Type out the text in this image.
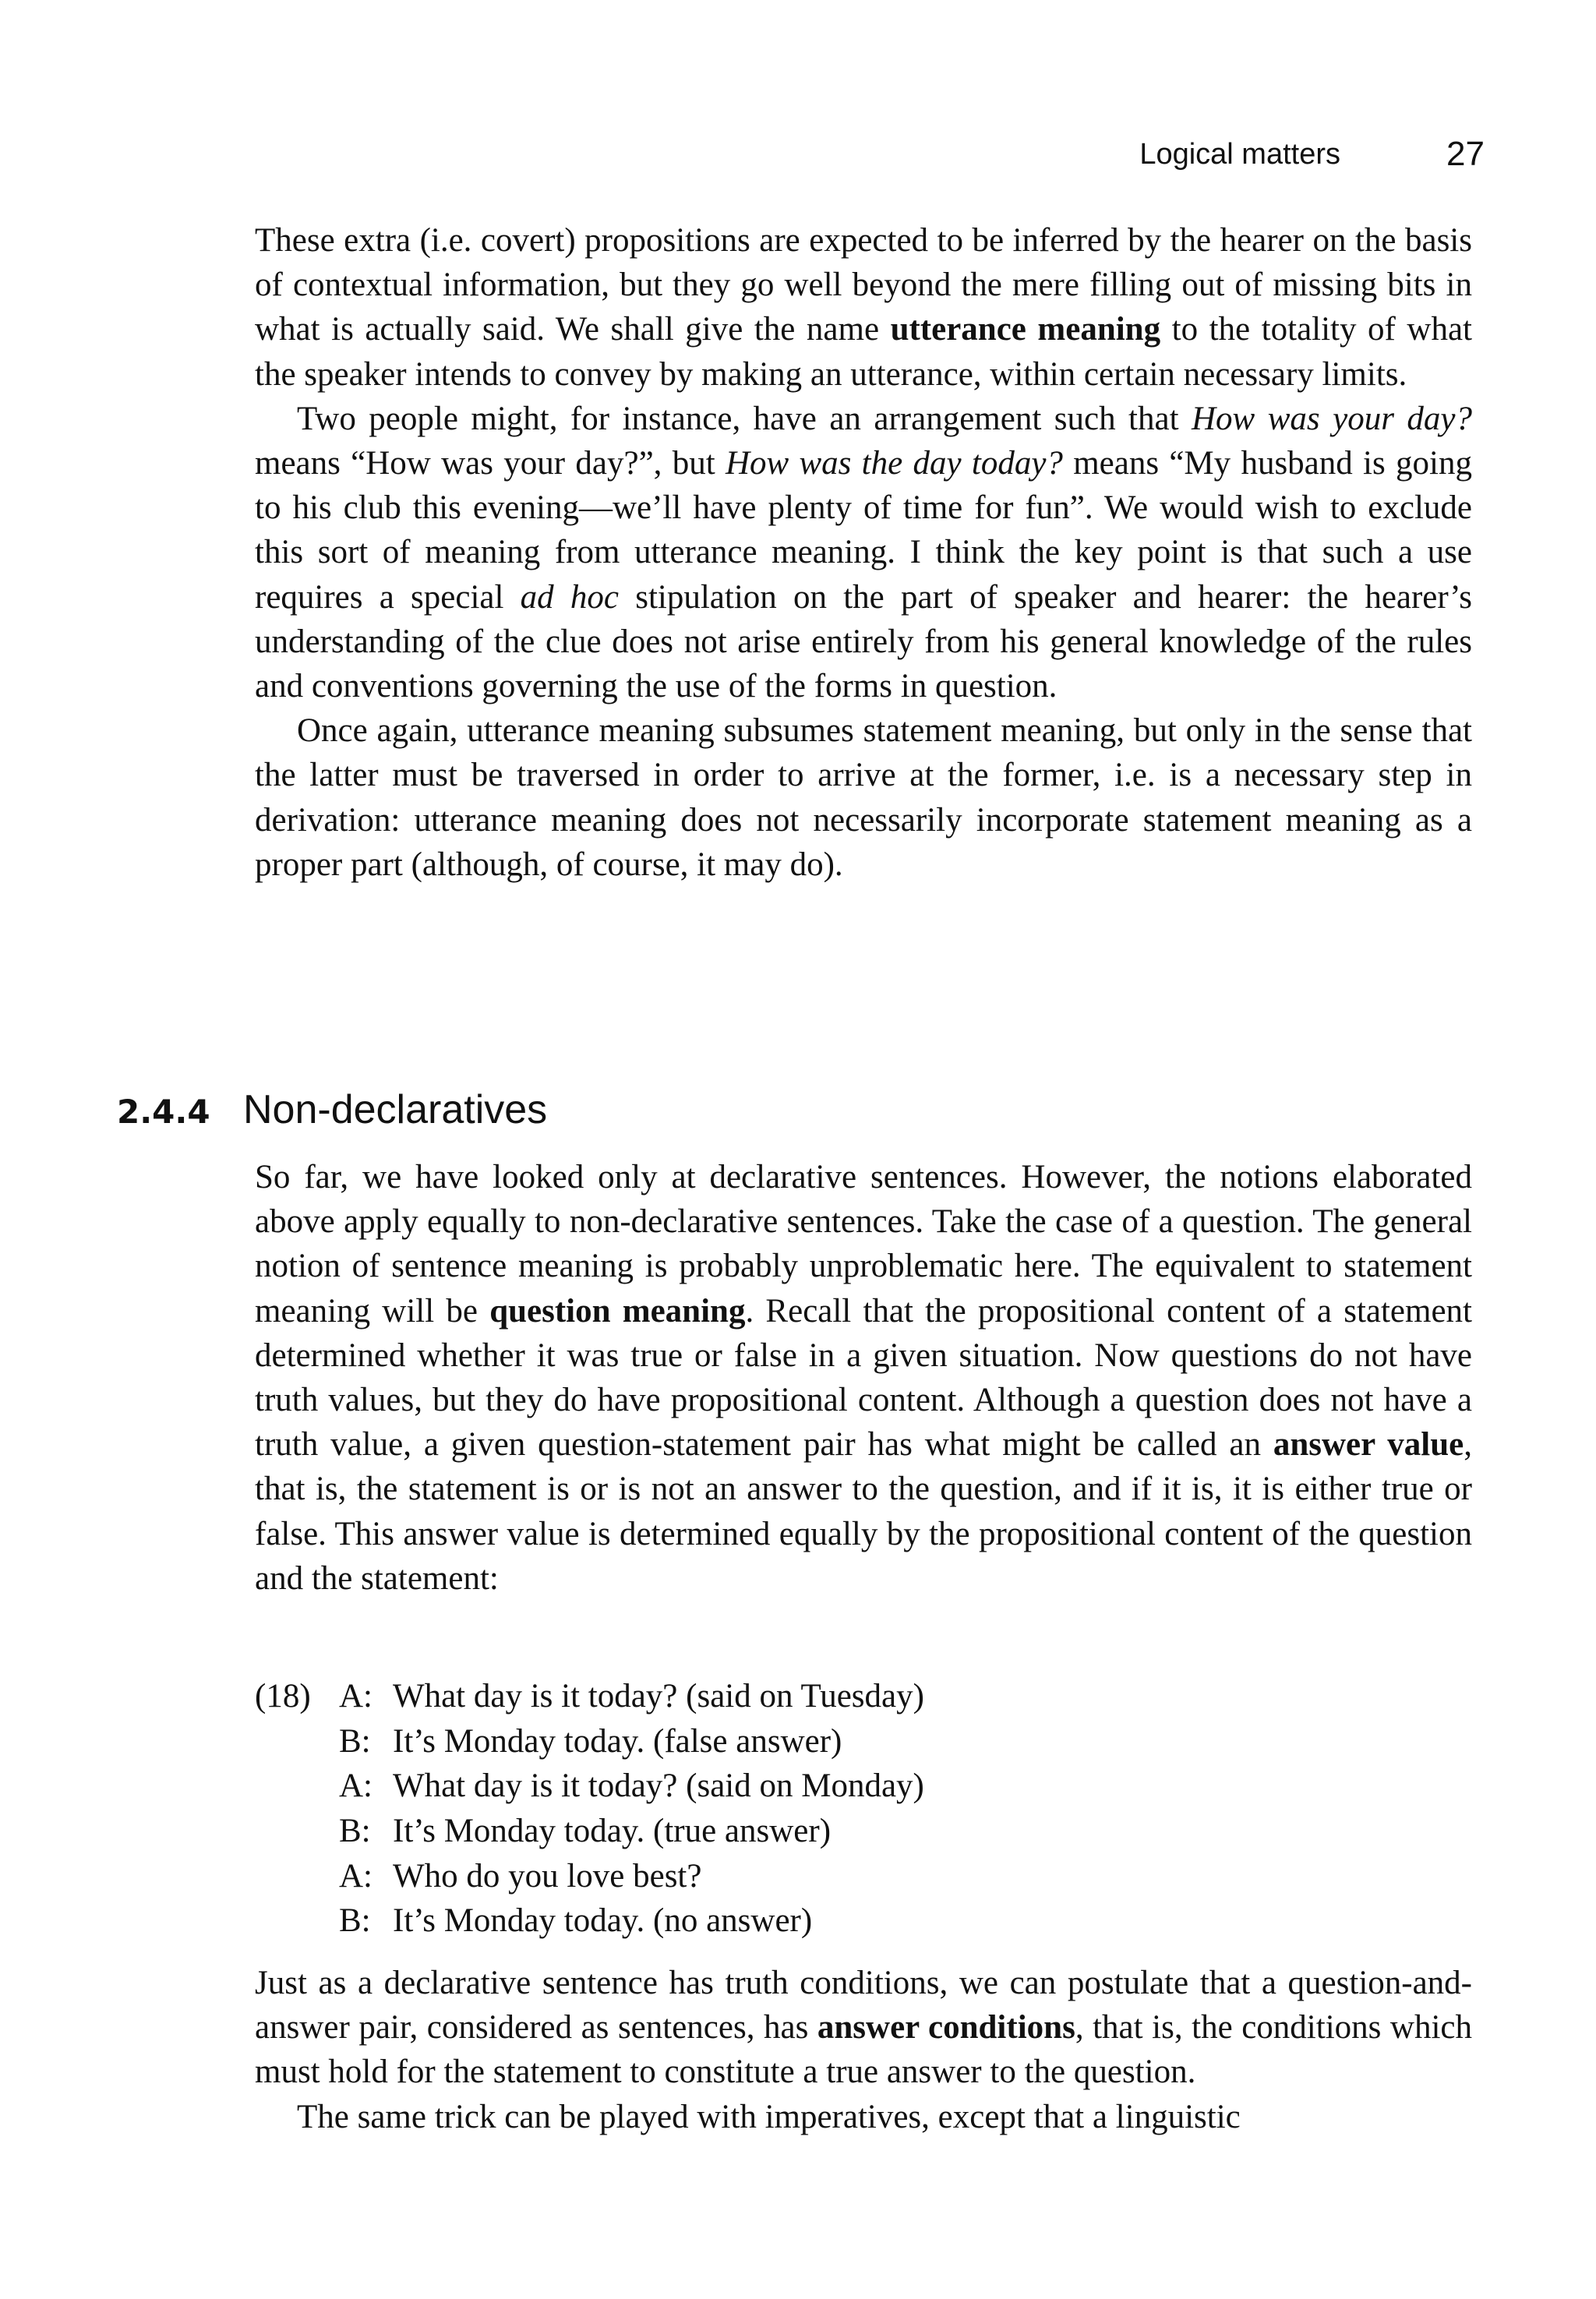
Logical matters	27

These extra (i.e. covert) propositions are expected to be inferred by the hearer on the basis of contextual information, but they go well beyond the mere filling out of missing bits in what is actually said. We shall give the name utterance meaning to the totality of what the speaker intends to convey by making an utterance, within certain necessary limits.

Two people might, for instance, have an arrangement such that How was your day? means “How was your day?”, but How was the day today? means “My husband is going to his club this evening—we’ll have plenty of time for fun”. We would wish to exclude this sort of meaning from utterance meaning. I think the key point is that such a use requires a special ad hoc stipulation on the part of speaker and hearer: the hearer’s understanding of the clue does not arise entirely from his general knowledge of the rules and conventions governing the use of the forms in question.

Once again, utterance meaning subsumes statement meaning, but only in the sense that the latter must be traversed in order to arrive at the former, i.e. is a necessary step in derivation: utterance meaning does not necessarily incorporate statement meaning as a proper part (although, of course, it may do).

2.4.4 Non-declaratives

So far, we have looked only at declarative sentences. However, the notions elaborated above apply equally to non-declarative sentences. Take the case of a question. The general notion of sentence meaning is probably unproblematic here. The equivalent to statement meaning will be question meaning. Recall that the propositional content of a statement determined whether it was true or false in a given situation. Now questions do not have truth values, but they do have propositional content. Although a question does not have a truth value, a given question-statement pair has what might be called an answer value, that is, the statement is or is not an answer to the question, and if it is, it is either true or false. This answer value is determined equally by the propositional content of the question and the statement:

(18) A: What day is it today? (said on Tuesday)
B: It’s Monday today. (false answer)
A: What day is it today? (said on Monday)
B: It’s Monday today. (true answer)
A: Who do you love best?
B: It’s Monday today. (no answer)

Just as a declarative sentence has truth conditions, we can postulate that a question-and-answer pair, considered as sentences, has answer conditions, that is, the conditions which must hold for the statement to constitute a true answer to the question.

The same trick can be played with imperatives, except that a linguistic
